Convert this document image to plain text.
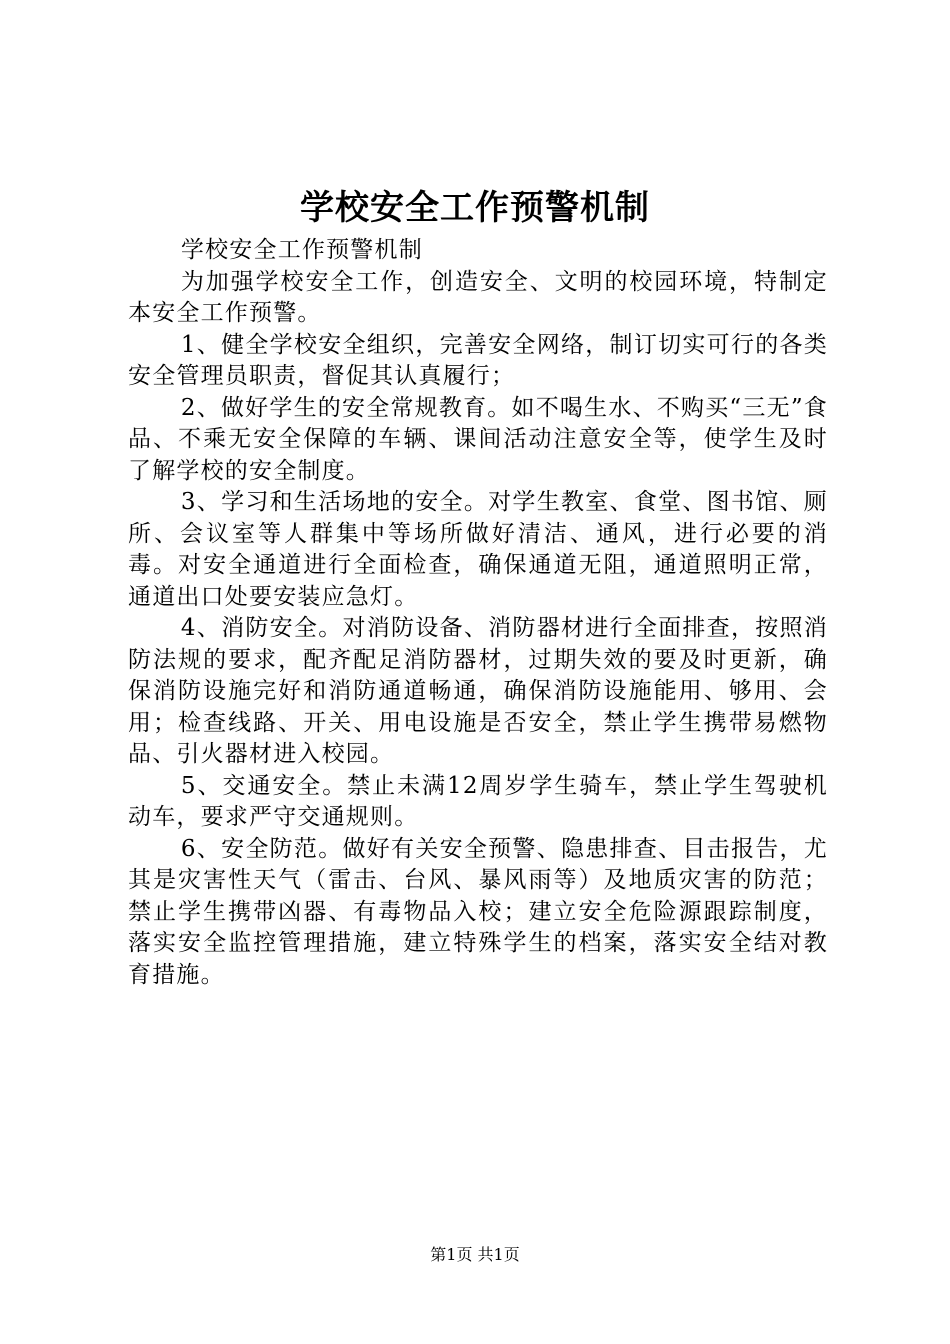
学校安全工作预警机制

学校安全工作预警机制

为加强学校安全工作，创造安全、文明的校园环境，特制定本安全工作预警。

1、健全学校安全组织，完善安全网络，制订切实可行的各类安全管理员职责，督促其认真履行；

2、做好学生的安全常规教育。如不喝生水、不购买“三无”食品、不乘无安全保障的车辆、课间活动注意安全等，使学生及时了解学校的安全制度。

3、学习和生活场地的安全。对学生教室、食堂、图书馆、厕所、会议室等人群集中等场所做好清洁、通风，进行必要的消毒。对安全通道进行全面检查，确保通道无阻，通道照明正常，通道出口处要安装应急灯。

4、消防安全。对消防设备、消防器材进行全面排查，按照消防法规的要求，配齐配足消防器材，过期失效的要及时更新，确保消防设施完好和消防通道畅通，确保消防设施能用、够用、会用；检查线路、开关、用电设施是否安全，禁止学生携带易燃物品、引火器材进入校园。

5、交通安全。禁止未满12周岁学生骑车，禁止学生驾驶机动车，要求严守交通规则。

6、安全防范。做好有关安全预警、隐患排查、目击报告，尤其是灾害性天气（雷击、台风、暴风雨等）及地质灾害的防范；禁止学生携带凶器、有毒物品入校；建立安全危险源跟踪制度，落实安全监控管理措施，建立特殊学生的档案，落实安全结对教育措施。

第1页 共1页
